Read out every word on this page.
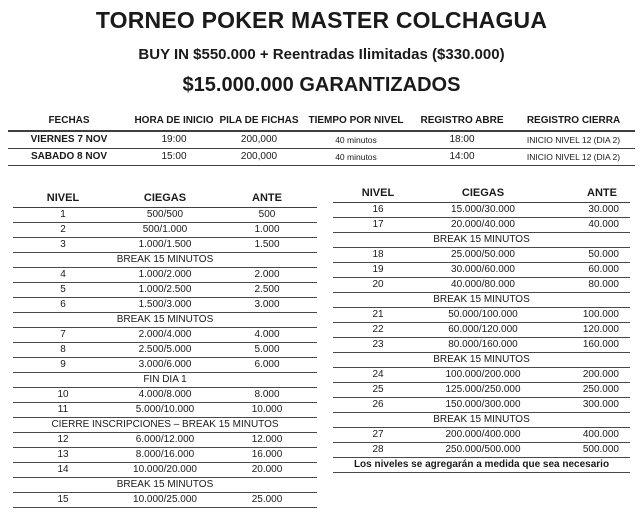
TORNEO POKER MASTER COLCHAGUA
BUY IN $550.000 + Reentradas Ilimitadas ($330.000)
$15.000.000 GARANTIZADOS
FECHAS	HORA DE INICIO	PILA DE FICHAS	TIEMPO POR NIVEL	REGISTRO ABRE	REGISTRO CIERRA
VIERNES 7 NOV	19:00	200,000	40 minutos	18:00	INICIO NIVEL 12 (DIA 2)
SABADO 8 NOV	15:00	200,000	40 minutos	14:00	INICIO NIVEL 12 (DIA 2)
NIVEL	CIEGAS	ANTE
1	500/500	500
2	500/1.000	1.000
3	1.000/1.500	1.500
BREAK 15 MINUTOS		
4	1.000/2.000	2.000
5	1.000/2.500	2.500
6	1.500/3.000	3.000
BREAK 15 MINUTOS		
7	2.000/4.000	4.000
8	2.500/5.000	5.000
9	3.000/6.000	6.000
FIN DIA 1		
10	4.000/8.000	8.000
11	5.000/10.000	10.000
CIERRE INSCRIPCIONES – BREAK 15 MINUTOS		
12	6.000/12.000	12.000
13	8.000/16.000	16.000
14	10.000/20.000	20.000
BREAK 15 MINUTOS		
15	10.000/25.000	25.000
NIVEL	CIEGAS	ANTE
16	15.000/30.000	30.000
17	20.000/40.000	40.000
BREAK 15 MINUTOS		
18	25.000/50.000	50.000
19	30.000/60.000	60.000
20	40.000/80.000	80.000
BREAK 15 MINUTOS		
21	50.000/100.000	100.000
22	60.000/120.000	120.000
23	80.000/160.000	160.000
BREAK 15 MINUTOS		
24	100.000/200.000	200.000
25	125.000/250.000	250.000
26	150.000/300.000	300.000
BREAK 15 MINUTOS		
27	200.000/400.000	400.000
28	250.000/500.000	500.000
Los niveles se agregarán a medida que sea necesario		
